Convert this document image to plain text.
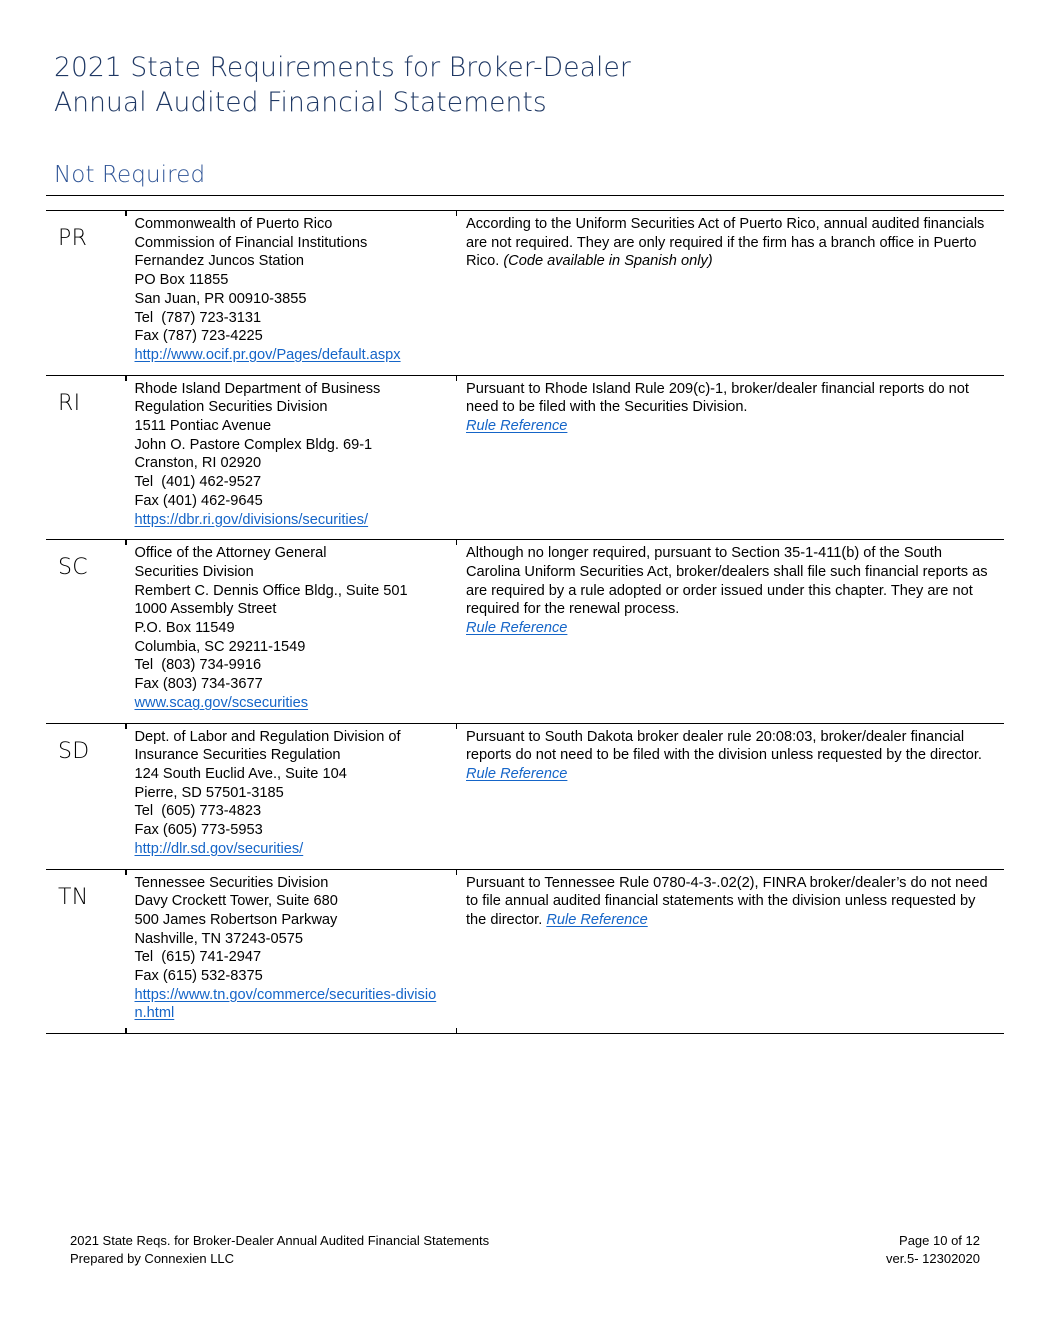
2021 State Requirements for Broker-Dealer
Annual Audited Financial Statements
Not Required
PR

Commonwealth of Puerto Rico
Commission of Financial Institutions
Fernandez Juncos Station
PO Box 11855
San Juan, PR 00910-3855
Tel  (787) 723-3131
Fax (787) 723-4225
http://www.ocif.pr.gov/Pages/default.aspx	
According to the Uniform Securities Act of Puerto Rico, annual audited financials are not required. They are only required if the firm has a branch office in Puerto Rico. (Code available in Spanish only)

RI

Rhode Island Department of Business
Regulation Securities Division
1511 Pontiac Avenue
John O. Pastore Complex Bldg. 69-1
Cranston, RI 02920
Tel  (401) 462-9527
Fax (401) 462-9645
https://dbr.ri.gov/divisions/securities/	
Pursuant to Rhode Island Rule 209(c)-1, broker/dealer financial reports do not need to be filed with the Securities Division.
Rule Reference

SC

Office of the Attorney General
Securities Division
Rembert C. Dennis Office Bldg., Suite 501
1000 Assembly Street
P.O. Box 11549
Columbia, SC 29211-1549
Tel  (803) 734-9916
Fax (803) 734-3677
www.scag.gov/scsecurities	
Although no longer required, pursuant to Section 35-1-411(b) of the South Carolina Uniform Securities Act, broker/dealers shall file such financial reports as are required by a rule adopted or order issued under this chapter. They are not required for the renewal process.
Rule Reference

SD

Dept. of Labor and Regulation Division of
Insurance Securities Regulation
124 South Euclid Ave., Suite 104
Pierre, SD 57501-3185
Tel  (605) 773-4823
Fax (605) 773-5953
http://dlr.sd.gov/securities/	
Pursuant to South Dakota broker dealer rule 20:08:03, broker/dealer financial reports do not need to be filed with the division unless requested by the director. Rule Reference

TN

Tennessee Securities Division
Davy Crockett Tower, Suite 680
500 James Robertson Parkway
Nashville, TN 37243-0575
Tel  (615) 741-2947
Fax (615) 532-8375
https://www.tn.gov/commerce/securities-division.html	
Pursuant to Tennessee Rule 0780-4-3-.02(2), FINRA broker/dealer’s do not need to file annual audited financial statements with the division unless requested by the director. Rule Reference
2021 State Reqs. for Broker-Dealer Annual Audited Financial Statements
Prepared by Connexien LLC
Page 10 of 12
ver.5- 12302020
